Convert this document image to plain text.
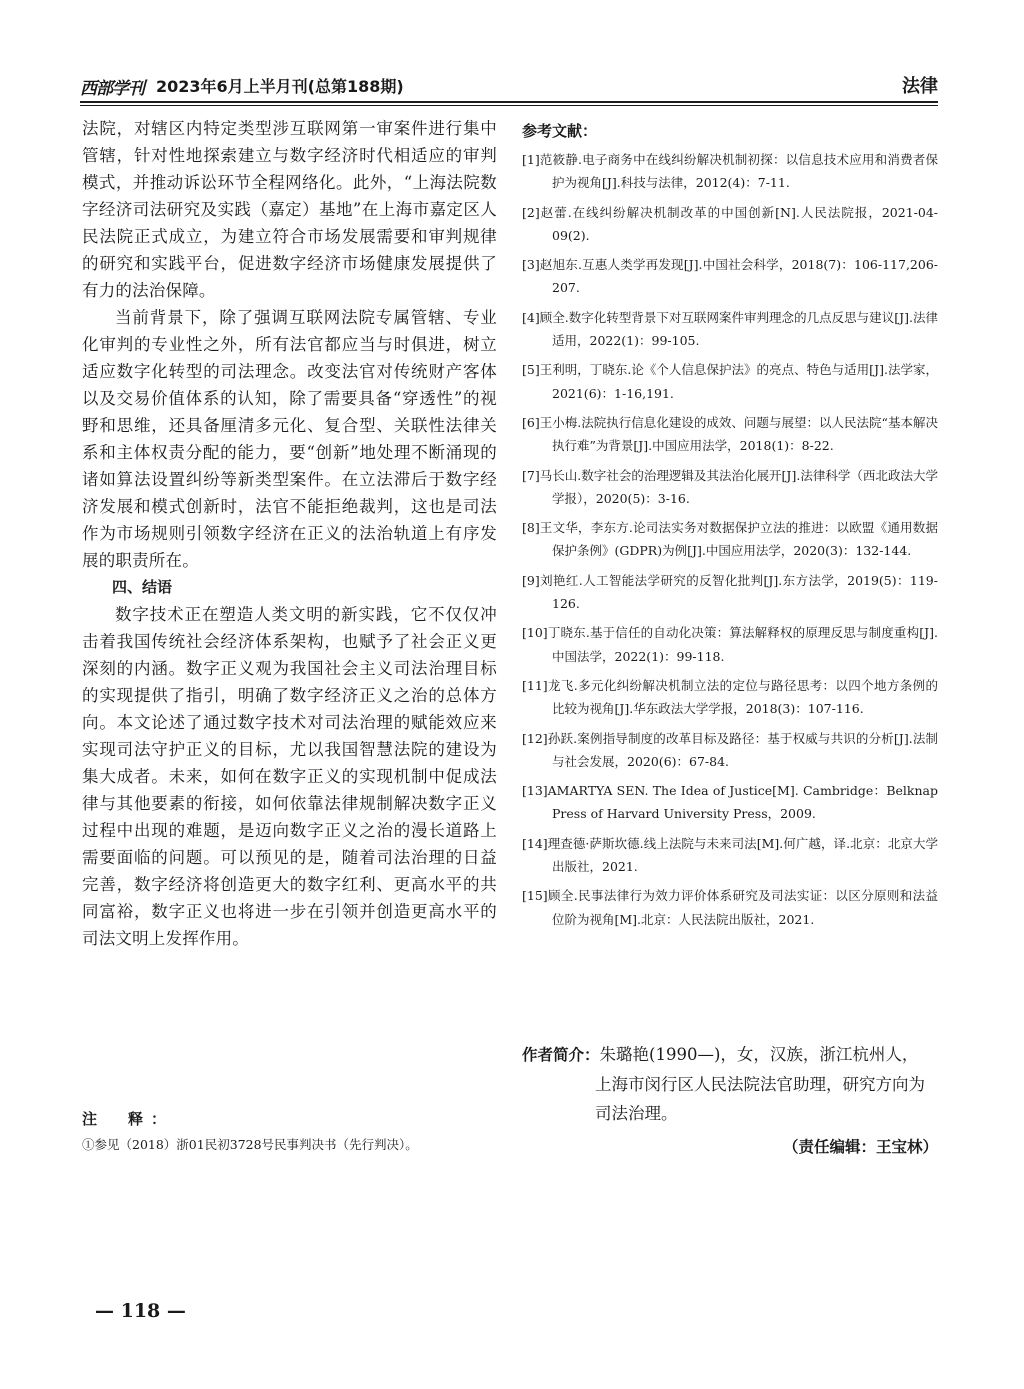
西部学刊 2023年6月上半月刊(总第188期)	法律

法院，对辖区内特定类型涉互联网第一审案件进行集中管辖，针对性地探索建立与数字经济时代相适应的审判模式，并推动诉讼环节全程网络化。此外，“上海法院数字经济司法研究及实践（嘉定）基地”在上海市嘉定区人民法院正式成立，为建立符合市场发展需要和审判规律的研究和实践平台，促进数字经济市场健康发展提供了有力的法治保障。

当前背景下，除了强调互联网法院专属管辖、专业化审判的专业性之外，所有法官都应当与时俱进，树立适应数字化转型的司法理念。改变法官对传统财产客体以及交易价值体系的认知，除了需要具备“穿透性”的视野和思维，还具备厘清多元化、复合型、关联性法律关系和主体权责分配的能力，要“创新”地处理不断涌现的诸如算法设置纠纷等新类型案件。在立法滞后于数字经济发展和模式创新时，法官不能拒绝裁判，这也是司法作为市场规则引领数字经济在正义的法治轨道上有序发展的职责所在。

四、结语

数字技术正在塑造人类文明的新实践，它不仅仅冲击着我国传统社会经济体系架构，也赋予了社会正义更深刻的内涵。数字正义观为我国社会主义司法治理目标的实现提供了指引，明确了数字经济正义之治的总体方向。本文论述了通过数字技术对司法治理的赋能效应来实现司法守护正义的目标，尤以我国智慧法院的建设为集大成者。未来，如何在数字正义的实现机制中促成法律与其他要素的衔接，如何依靠法律规制解决数字正义过程中出现的难题，是迈向数字正义之治的漫长道路上需要面临的问题。可以预见的是，随着司法治理的日益完善，数字经济将创造更大的数字红利、更高水平的共同富裕，数字正义也将进一步在引领并创造更高水平的司法文明上发挥作用。

注　释：
①参见（2018）浙01民初3728号民事判决书（先行判决）。

参考文献：

[1]范筱静.电子商务中在线纠纷解决机制初探：以信息技术应用和消费者保护为视角[J].科技与法律，2012(4)：7-11.

[2]赵蕾.在线纠纷解决机制改革的中国创新[N].人民法院报，2021-04-09(2).

[3]赵旭东.互惠人类学再发现[J].中国社会科学，2018(7)：106-117,206-207.

[4]顾全.数字化转型背景下对互联网案件审判理念的几点反思与建议[J].法律适用，2022(1)：99-105.

[5]王利明，丁晓东.论《个人信息保护法》的亮点、特色与适用[J].法学家，2021(6)：1-16,191.

[6]王小梅.法院执行信息化建设的成效、问题与展望：以人民法院“基本解决执行难”为背景[J].中国应用法学，2018(1)：8-22.

[7]马长山.数字社会的治理逻辑及其法治化展开[J].法律科学（西北政法大学学报），2020(5)：3-16.

[8]王文华，李东方.论司法实务对数据保护立法的推进：以欧盟《通用数据保护条例》(GDPR)为例[J].中国应用法学，2020(3)：132-144.

[9]刘艳红.人工智能法学研究的反智化批判[J].东方法学，2019(5)：119-126.

[10]丁晓东.基于信任的自动化决策：算法解释权的原理反思与制度重构[J].中国法学，2022(1)：99-118.

[11]龙飞.多元化纠纷解决机制立法的定位与路径思考：以四个地方条例的比较为视角[J].华东政法大学学报，2018(3)：107-116.

[12]孙跃.案例指导制度的改革目标及路径：基于权威与共识的分析[J].法制与社会发展，2020(6)：67-84.

[13]AMARTYA SEN. The Idea of Justice[M]. Cambridge：Belknap Press of Harvard University Press，2009.

[14]理查德·萨斯坎德.线上法院与未来司法[M].何广越，译.北京：北京大学出版社，2021.

[15]顾全.民事法律行为效力评价体系研究及司法实证：以区分原则和法益位阶为视角[M].北京：人民法院出版社，2021.

作者简介：朱璐艳(1990—)，女，汉族，浙江杭州人，
上海市闵行区人民法院法官助理，研究方向为司法治理。
（责任编辑：王宝林）
— 118 —
